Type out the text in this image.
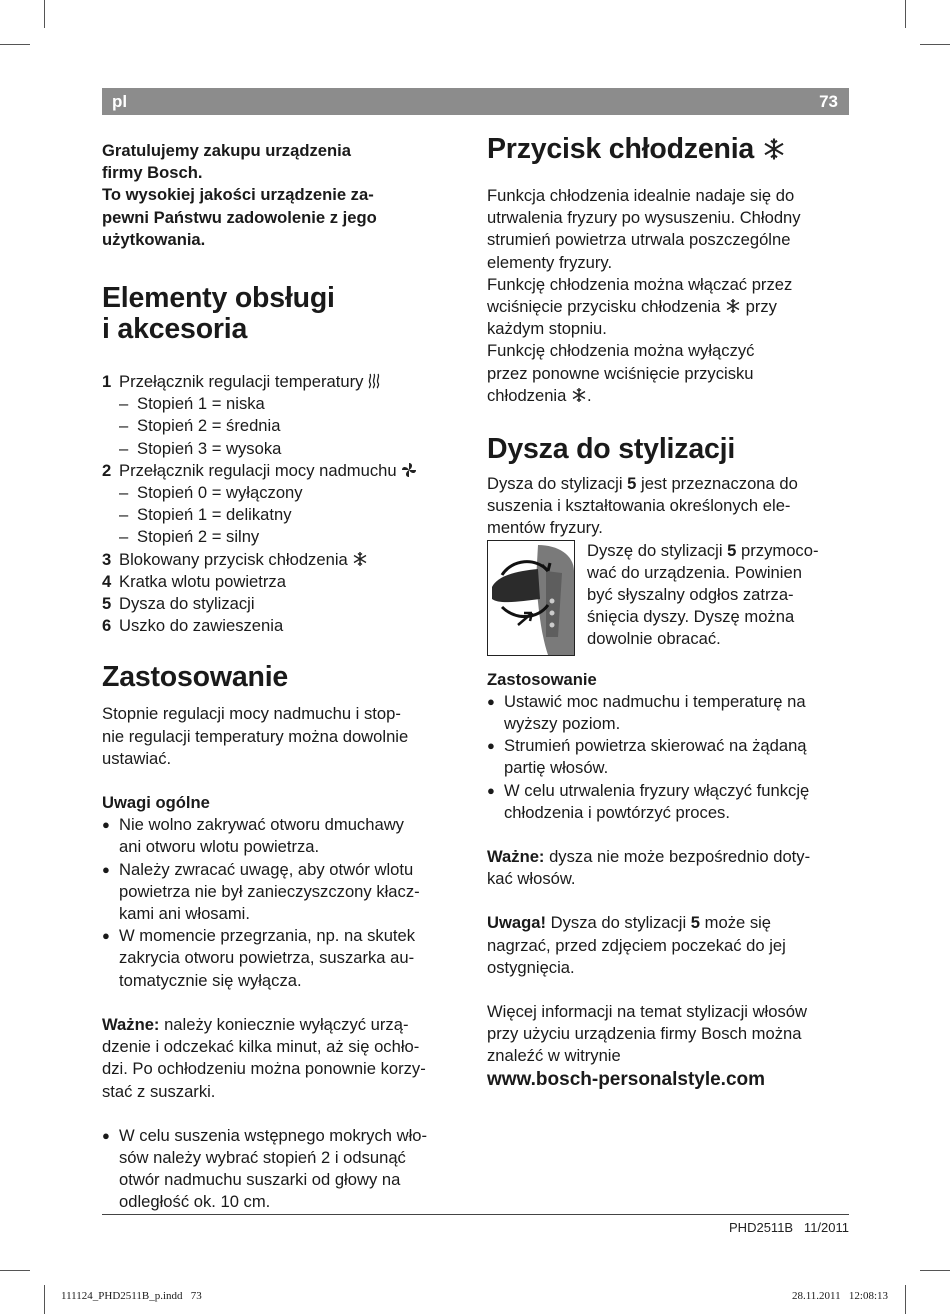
pl	73

Gratulujemy zakupu urządzenia

firmy Bosch.

To wysokiej jakości urządzenie za-

pewni Państwu zadowolenie z jego

użytkowania.

Elementy obsługi
i akcesoria
1 Przełącznik regulacji temperatury
– Stopień 1 = niska
– Stopień 2 = średnia
– Stopień 3 = wysoka
2 Przełącznik regulacji mocy nadmuchu
– Stopień 0 = wyłączony
– Stopień 1 = delikatny
– Stopień 2 = silny
3 Blokowany przycisk chłodzenia
4 Kratka wlotu powietrza
5 Dysza do stylizacji
6 Uszko do zawieszenia
Zastosowanie

Stopnie regulacji mocy nadmuchu i stop-

nie regulacji temperatury można dowolnie

ustawiać.

Uwagi ogólne
● Nie wolno zakrywać otworu dmuchawy
ani otworu wlotu powietrza.
● Należy zwracać uwagę, aby otwór wlotu
powietrza nie był zanieczyszczony kłacz-
kami ani włosami.
● W momencie przegrzania, np. na skutek
zakrycia otworu powietrza, suszarka au-
tomatycznie się wyłącza.

Ważne: należy koniecznie wyłączyć urzą-
dzenie i odczekać kilka minut, aż się ochło-
dzi. Po ochłodzeniu można ponownie korzy-
stać z suszarki.

● W celu suszenia wstępnego mokrych wło-
sów należy wybrać stopień 2 i odsunąć
otwór nadmuchu suszarki od głowy na
odległość ok. 10 cm.
Przycisk chłodzenia

Funkcja chłodzenia idealnie nadaje się do

utrwalenia fryzury po wysuszeniu. Chłodny

strumień powietrza utrwala poszczególne

elementy fryzury.

Funkcję chłodzenia można włączać przez

wciśnięcie przycisku chłodzenia przy

każdym stopniu.

Funkcję chłodzenia można wyłączyć

przez ponowne wciśnięcie przycisku

chłodzenia .

Dysza do stylizacji

Dysza do stylizacji 5 jest przeznaczona do

suszenia i kształtowania określonych ele-

mentów fryzury.

Dyszę do stylizacji 5 przymoco-

wać do urządzenia. Powinien

być słyszalny odgłos zatrza-

śnięcia dyszy. Dyszę można

dowolnie obracać.

Zastosowanie
● Ustawić moc nadmuchu i temperaturę na
wyższy poziom.
● Strumień powietrza skierować na żądaną
partię włosów.
● W celu utrwalenia fryzury włączyć funkcję
chłodzenia i powtórzyć proces.

Ważne: dysza nie może bezpośrednio doty-
kać włosów.

Uwaga! Dysza do stylizacji 5 może się
nagrzać, przed zdjęciem poczekać do jej
ostygnięcia.

Więcej informacji na temat stylizacji włosów

przy użyciu urządzenia firmy Bosch można

znaleźć w witrynie

www.bosch-personalstyle.com

PHD2511B   11/2011
111124_PHD2511B_p.indd   73	28.11.2011   12:08:13
